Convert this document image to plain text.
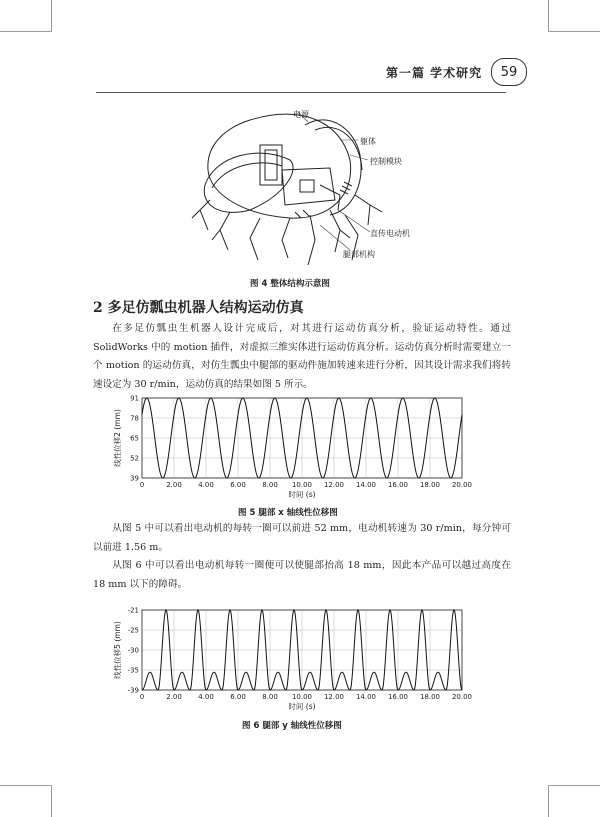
第一篇 学术研究	59
电源
躯体
控制模块
直传电动机
腿部机构
图 4 整体结构示意图
2 多足仿瓢虫机器人结构运动仿真

在多足仿瓢虫生机器人设计完成后，对其进行运动仿真分析，验证运动特性。通过 SolidWorks 中的 motion 插件，对虚拟三维实体进行运动仿真分析。运动仿真分析时需要建立一个 motion 的运动仿真，对仿生瓢虫中腿部的驱动件施加转速来进行分析，因其设计需求我们将转速设定为 30 r/min，运动仿真的结果如图 5 所示。

0	2.00 4.00 6.00 8.00 10.00 12.00 14.00 16.00 18.00 20.00
39
52
65
78
91
时间 (s)
线性位移2 (mm)
图 5 腿部 x 轴线性位移图

从图 5 中可以看出电动机的每转一圈可以前进 52 mm，电动机转速为 30 r/min，每分钟可以前进 1.56 m。

从图 6 中可以看出电动机每转一圈便可以使腿部抬高 18 mm，因此本产品可以越过高度在 18 mm 以下的障碍。

0	2.00 4.00 6.00 8.00 10.00 12.00 14.00 16.00 18.00 20.00
-39
-35
-30
-25
-21
时间 (s)
线性位移5 (mm)
图 6 腿部 y 轴线性位移图
